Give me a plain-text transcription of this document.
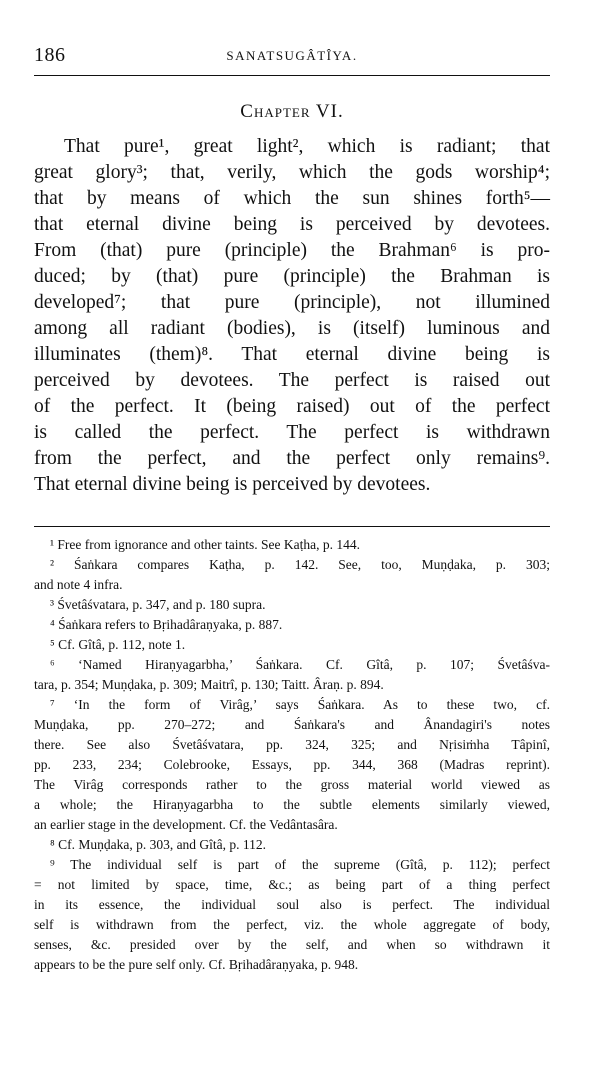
186	SANATSUGÂTÎYA.
Chapter VI.
That pure¹, great light², which is radiant; that
great glory³; that, verily, which the gods worship⁴;
that by means of which the sun shines forth⁵—
that eternal divine being is perceived by devotees.
From (that) pure (principle) the Brahman⁶ is pro-
duced; by (that) pure (principle) the Brahman is
developed⁷; that pure (principle), not illumined
among all radiant (bodies), is (itself) luminous and
illuminates (them)⁸. That eternal divine being is
perceived by devotees. The perfect is raised out
of the perfect. It (being raised) out of the perfect
is called the perfect. The perfect is withdrawn
from the perfect, and the perfect only remains⁹.
That eternal divine being is perceived by devotees.
¹ Free from ignorance and other taints. See Kaṭha, p. 144.
² Śaṅkara compares Kaṭha, p. 142. See, too, Muṇḍaka, p. 303;
and note 4 infra.
³ Śvetâśvatara, p. 347, and p. 180 supra.
⁴ Śaṅkara refers to Bṛihadâraṇyaka, p. 887.
⁵ Cf. Gîtâ, p. 112, note 1.
⁶ ‘Named Hiraṇyagarbha,’ Śaṅkara. Cf. Gîtâ, p. 107; Śvetâśva-
tara, p. 354; Muṇḍaka, p. 309; Maitrî, p. 130; Taitt. Âraṇ. p. 894.
⁷ ‘In the form of Virâg,’ says Śaṅkara. As to these two, cf.
Muṇḍaka, pp. 270–272; and Śaṅkara's and Ânandagiri's notes
there. See also Śvetâśvatara, pp. 324, 325; and Nṛisiṁha Tâpinî,
pp. 233, 234; Colebrooke, Essays, pp. 344, 368 (Madras reprint).
The Virâg corresponds rather to the gross material world viewed as
a whole; the Hiraṇyagarbha to the subtle elements similarly viewed,
an earlier stage in the development. Cf. the Vedântasâra.
⁸ Cf. Muṇḍaka, p. 303, and Gîtâ, p. 112.
⁹ The individual self is part of the supreme (Gîtâ, p. 112); perfect
= not limited by space, time, &c.; as being part of a thing perfect
in its essence, the individual soul also is perfect. The individual
self is withdrawn from the perfect, viz. the whole aggregate of body,
senses, &c. presided over by the self, and when so withdrawn it
appears to be the pure self only. Cf. Bṛihadâraṇyaka, p. 948.
